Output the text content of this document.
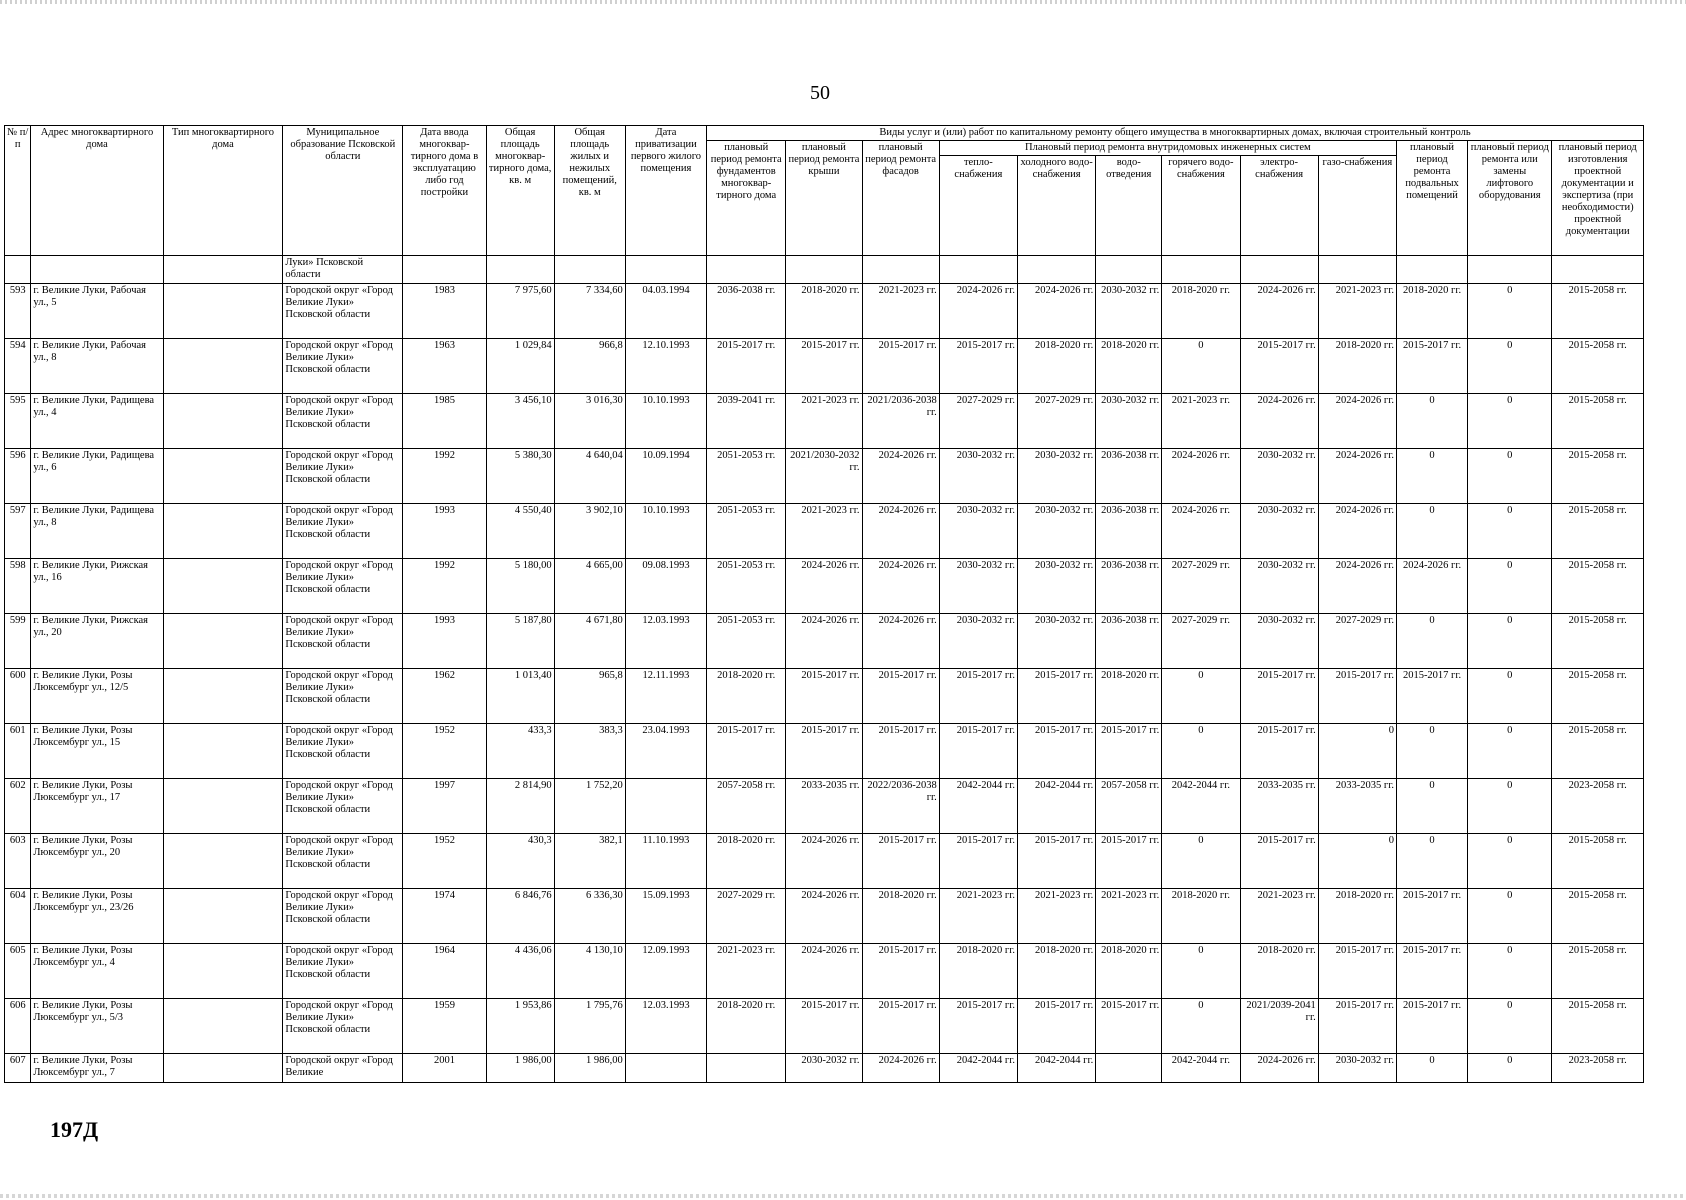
50
№ п/п	Адрес многоквартирного дома	Тип многоквартирного дома	Муниципальное образование Псковской области	Дата ввода многоквар-тирного дома в эксплуатацию либо год постройки	Общая площадь многоквар-тирного дома, кв. м	Общая площадь жилых и нежилых помещений, кв. м	Дата приватизации первого жилого помещения	Виды услуг и (или) работ по капитальному ремонту общего имущества в многоквартирных домах, включая строительный контроль											
								плановый период ремонта фундаментов многоквар-тирного дома	плановый период ремонта крыши	плановый период ремонта фасадов	Плановый период ремонта внутридомовых инженерных систем						плановый период ремонта подвальных помещений	плановый период ремонта или замены лифтового оборудования	плановый период изготовления проектной документации и экспертиза (при необходимости) проектной документации
											тепло-снабжения	холодного водо-снабжения	водо-отведения	горячего водо-снабжения	электро-снабжения	газо-снабжения			
			Луки» Псковской области																
593	г. Великие Луки, Рабочая ул., 5		Городской округ «Город Великие Луки» Псковской области	1983	7 975,60	7 334,60	04.03.1994	2036-2038 гг.	2018-2020 гг.	2021-2023 гг.	2024-2026 гг.	2024-2026 гг.	2030-2032 гг.	2018-2020 гг.	2024-2026 гг.	2021-2023 гг.	2018-2020 гг.	0	2015-2058 гг.
594	г. Великие Луки, Рабочая ул., 8		Городской округ «Город Великие Луки» Псковской области	1963	1 029,84	966,8	12.10.1993	2015-2017 гг.	2015-2017 гг.	2015-2017 гг.	2015-2017 гг.	2018-2020 гг.	2018-2020 гг.	0	2015-2017 гг.	2018-2020 гг.	2015-2017 гг.	0	2015-2058 гг.
595	г. Великие Луки, Радищева ул., 4		Городской округ «Город Великие Луки» Псковской области	1985	3 456,10	3 016,30	10.10.1993	2039-2041 гг.	2021-2023 гг.	2021/2036-2038 гг.	2027-2029 гг.	2027-2029 гг.	2030-2032 гг.	2021-2023 гг.	2024-2026 гг.	2024-2026 гг.	0	0	2015-2058 гг.
596	г. Великие Луки, Радищева ул., 6		Городской округ «Город Великие Луки» Псковской области	1992	5 380,30	4 640,04	10.09.1994	2051-2053 гг.	2021/2030-2032 гг.	2024-2026 гг.	2030-2032 гг.	2030-2032 гг.	2036-2038 гг.	2024-2026 гг.	2030-2032 гг.	2024-2026 гг.	0	0	2015-2058 гг.
597	г. Великие Луки, Радищева ул., 8		Городской округ «Город Великие Луки» Псковской области	1993	4 550,40	3 902,10	10.10.1993	2051-2053 гг.	2021-2023 гг.	2024-2026 гг.	2030-2032 гг.	2030-2032 гг.	2036-2038 гг.	2024-2026 гг.	2030-2032 гг.	2024-2026 гг.	0	0	2015-2058 гг.
598	г. Великие Луки, Рижская ул., 16		Городской округ «Город Великие Луки» Псковской области	1992	5 180,00	4 665,00	09.08.1993	2051-2053 гг.	2024-2026 гг.	2024-2026 гг.	2030-2032 гг.	2030-2032 гг.	2036-2038 гг.	2027-2029 гг.	2030-2032 гг.	2024-2026 гг.	2024-2026 гг.	0	2015-2058 гг.
599	г. Великие Луки, Рижская ул., 20		Городской округ «Город Великие Луки» Псковской области	1993	5 187,80	4 671,80	12.03.1993	2051-2053 гг.	2024-2026 гг.	2024-2026 гг.	2030-2032 гг.	2030-2032 гг.	2036-2038 гг.	2027-2029 гг.	2030-2032 гг.	2027-2029 гг.	0	0	2015-2058 гг.
600	г. Великие Луки, Розы Люксембург ул., 12/5		Городской округ «Город Великие Луки» Псковской области	1962	1 013,40	965,8	12.11.1993	2018-2020 гг.	2015-2017 гг.	2015-2017 гг.	2015-2017 гг.	2015-2017 гг.	2018-2020 гг.	0	2015-2017 гг.	2015-2017 гг.	2015-2017 гг.	0	2015-2058 гг.
601	г. Великие Луки, Розы Люксембург ул., 15		Городской округ «Город Великие Луки» Псковской области	1952	433,3	383,3	23.04.1993	2015-2017 гг.	2015-2017 гг.	2015-2017 гг.	2015-2017 гг.	2015-2017 гг.	2015-2017 гг.	0	2015-2017 гг.	0	0	0	2015-2058 гг.
602	г. Великие Луки, Розы Люксембург ул., 17		Городской округ «Город Великие Луки» Псковской области	1997	2 814,90	1 752,20		2057-2058 гг.	2033-2035 гг.	2022/2036-2038 гг.	2042-2044 гг.	2042-2044 гг.	2057-2058 гг.	2042-2044 гг.	2033-2035 гг.	2033-2035 гг.	0	0	2023-2058 гг.
603	г. Великие Луки, Розы Люксембург ул., 20		Городской округ «Город Великие Луки» Псковской области	1952	430,3	382,1	11.10.1993	2018-2020 гг.	2024-2026 гг.	2015-2017 гг.	2015-2017 гг.	2015-2017 гг.	2015-2017 гг.	0	2015-2017 гг.	0	0	0	2015-2058 гг.
604	г. Великие Луки, Розы Люксембург ул., 23/26		Городской округ «Город Великие Луки» Псковской области	1974	6 846,76	6 336,30	15.09.1993	2027-2029 гг.	2024-2026 гг.	2018-2020 гг.	2021-2023 гг.	2021-2023 гг.	2021-2023 гг.	2018-2020 гг.	2021-2023 гг.	2018-2020 гг.	2015-2017 гг.	0	2015-2058 гг.
605	г. Великие Луки, Розы Люксембург ул., 4		Городской округ «Город Великие Луки» Псковской области	1964	4 436,06	4 130,10	12.09.1993	2021-2023 гг.	2024-2026 гг.	2015-2017 гг.	2018-2020 гг.	2018-2020 гг.	2018-2020 гг.	0	2018-2020 гг.	2015-2017 гг.	2015-2017 гг.	0	2015-2058 гг.
606	г. Великие Луки, Розы Люксембург ул., 5/3		Городской округ «Город Великие Луки» Псковской области	1959	1 953,86	1 795,76	12.03.1993	2018-2020 гг.	2015-2017 гг.	2015-2017 гг.	2015-2017 гг.	2015-2017 гг.	2015-2017 гг.	0	2021/2039-2041 гг.	2015-2017 гг.	2015-2017 гг.	0	2015-2058 гг.
607	г. Великие Луки, Розы Люксембург ул., 7		Городской округ «Город Великие	2001	1 986,00	1 986,00			2030-2032 гг.	2024-2026 гг.	2042-2044 гг.	2042-2044 гг.		2042-2044 гг.	2024-2026 гг.	2030-2032 гг.	0	0	2023-2058 гг.
197Д
